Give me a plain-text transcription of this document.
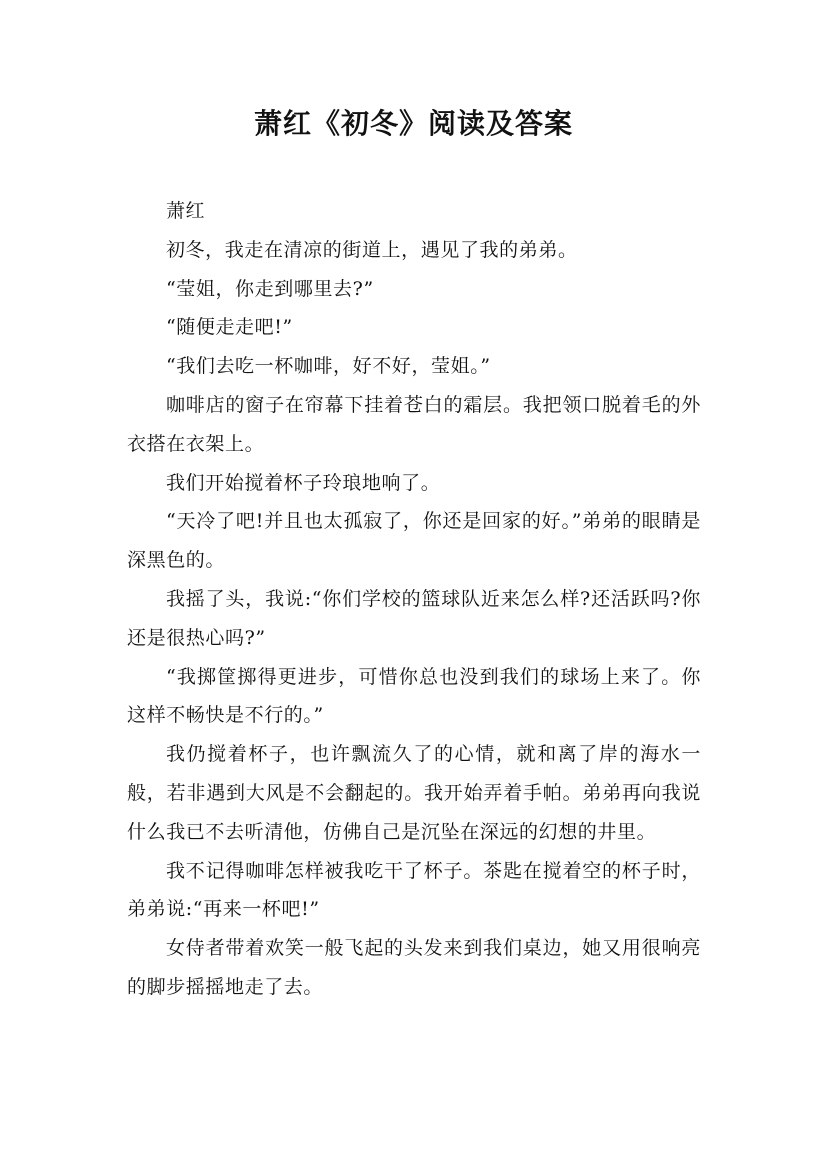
萧红《初冬》阅读及答案

萧红

初冬，我走在清凉的街道上，遇见了我的弟弟。

“莹姐，你走到哪里去?”

“随便走走吧!”

“我们去吃一杯咖啡，好不好，莹姐。”

咖啡店的窗子在帘幕下挂着苍白的霜层。我把领口脱着毛的外衣搭在衣架上。

我们开始搅着杯子玲琅地响了。

“天冷了吧!并且也太孤寂了，你还是回家的好。”弟弟的眼睛是深黑色的。

我摇了头，我说:“你们学校的篮球队近来怎么样?还活跃吗?你还是很热心吗?”

“我掷筐掷得更进步，可惜你总也没到我们的球场上来了。你这样不畅快是不行的。”

我仍搅着杯子，也许飘流久了的心情，就和离了岸的海水一般，若非遇到大风是不会翻起的。我开始弄着手帕。弟弟再向我说什么我已不去听清他，仿佛自己是沉坠在深远的幻想的井里。

我不记得咖啡怎样被我吃干了杯子。茶匙在搅着空的杯子时，弟弟说:“再来一杯吧!”

女侍者带着欢笑一般飞起的头发来到我们桌边，她又用很响亮的脚步摇摇地走了去。
